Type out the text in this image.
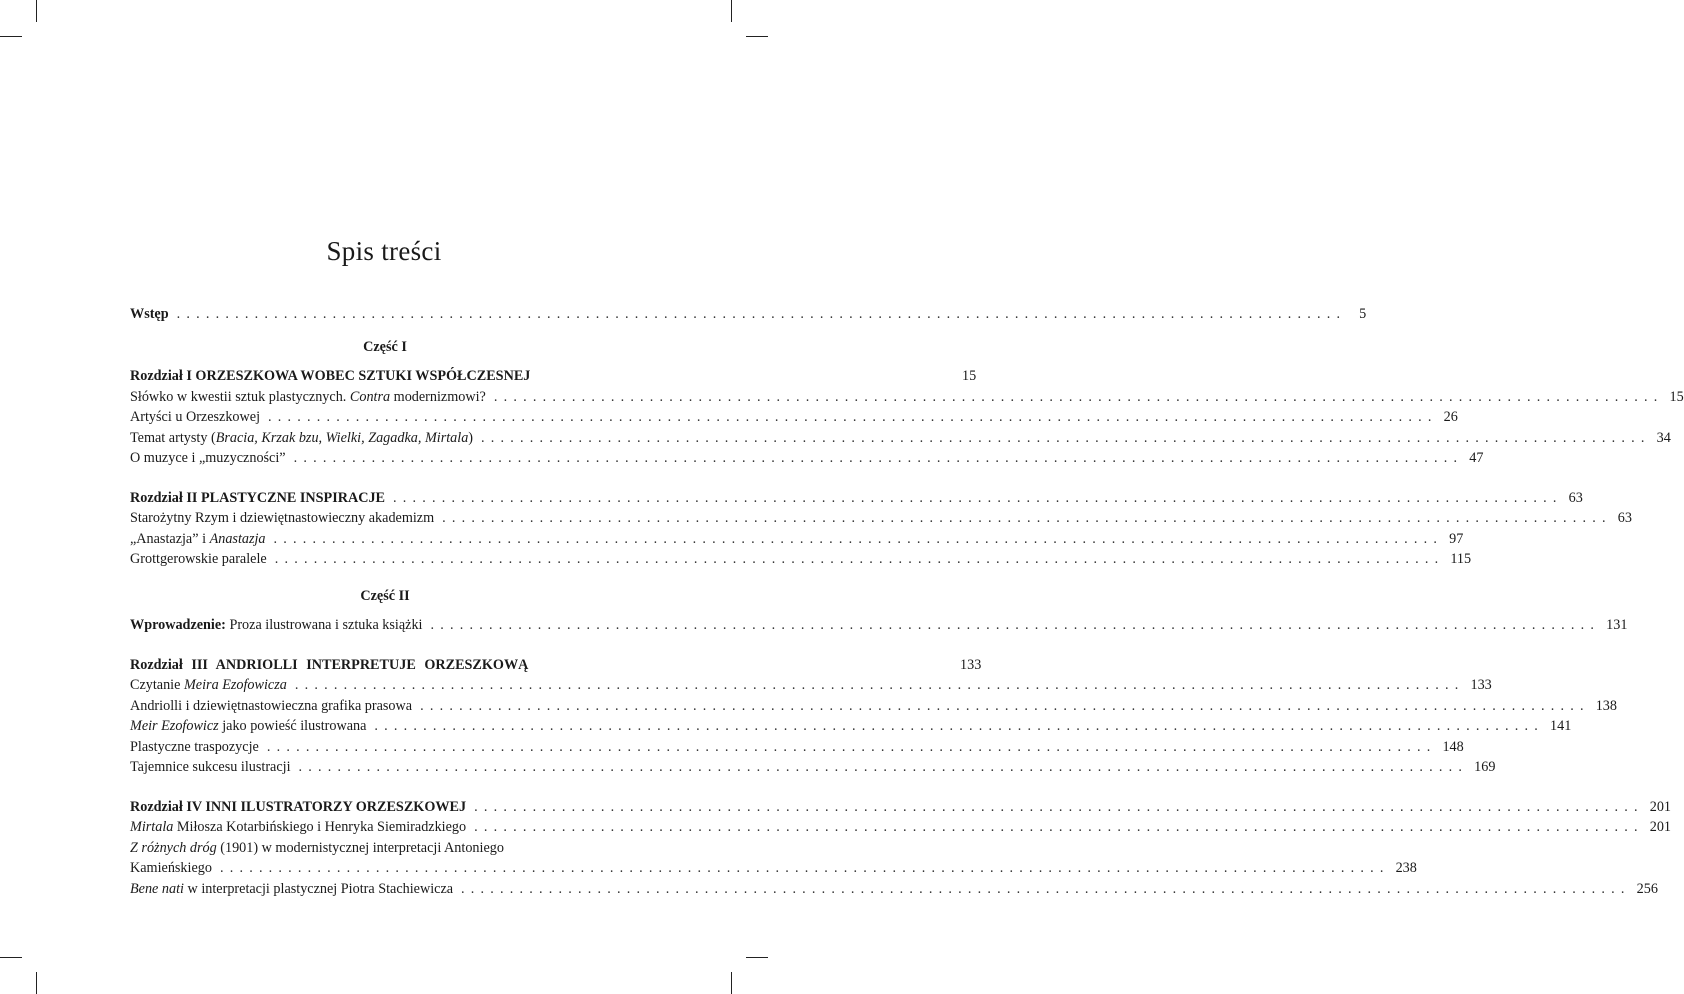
Spis treści
Wstęp ........................................................................................................................ 5
Część I
Rozdział I ORZESZKOWA WOBEC SZTUKI WSPÓŁCZESNEJ	15
Słówko w kwestii sztuk plastycznych. Contra modernizmowi? ........................................................................................................................ 15
Artyści u Orzeszkowej ........................................................................................................................ 26
Temat artysty (Bracia, Krzak bzu, Wielki, Zagadka, Mirtala) ........................................................................................................................ 34
O muzyce i „muzyczności” ........................................................................................................................ 47
Rozdział II PLASTYCZNE INSPIRACJE ........................................................................................................................ 63
Starożytny Rzym i dziewiętnastowieczny akademizm ........................................................................................................................ 63
„Anastazja” i Anastazja ........................................................................................................................ 97
Grottgerowskie paralele ........................................................................................................................ 115
Część II
Wprowadzenie: Proza ilustrowana i sztuka książki ........................................................................................................................ 131
Rozdział III ANDRIOLLI INTERPRETUJE ORZESZKOWĄ	133
Czytanie Meira Ezofowicza ........................................................................................................................ 133
Andriolli i dziewiętnastowieczna grafika prasowa ........................................................................................................................ 138
Meir Ezofowicz jako powieść ilustrowana ........................................................................................................................ 141
Plastyczne traspozycje ........................................................................................................................ 148
Tajemnice sukcesu ilustracji ........................................................................................................................ 169
Rozdział IV INNI ILUSTRATORZY ORZESZKOWEJ ........................................................................................................................ 201
Mirtala Miłosza Kotarbińskiego i Henryka Siemiradzkiego ........................................................................................................................ 201
Z różnych dróg (1901) w modernistycznej interpretacji Antoniego
Kamieńskiego ........................................................................................................................ 238
Bene nati w interpretacji plastycznej Piotra Stachiewicza ........................................................................................................................ 256
